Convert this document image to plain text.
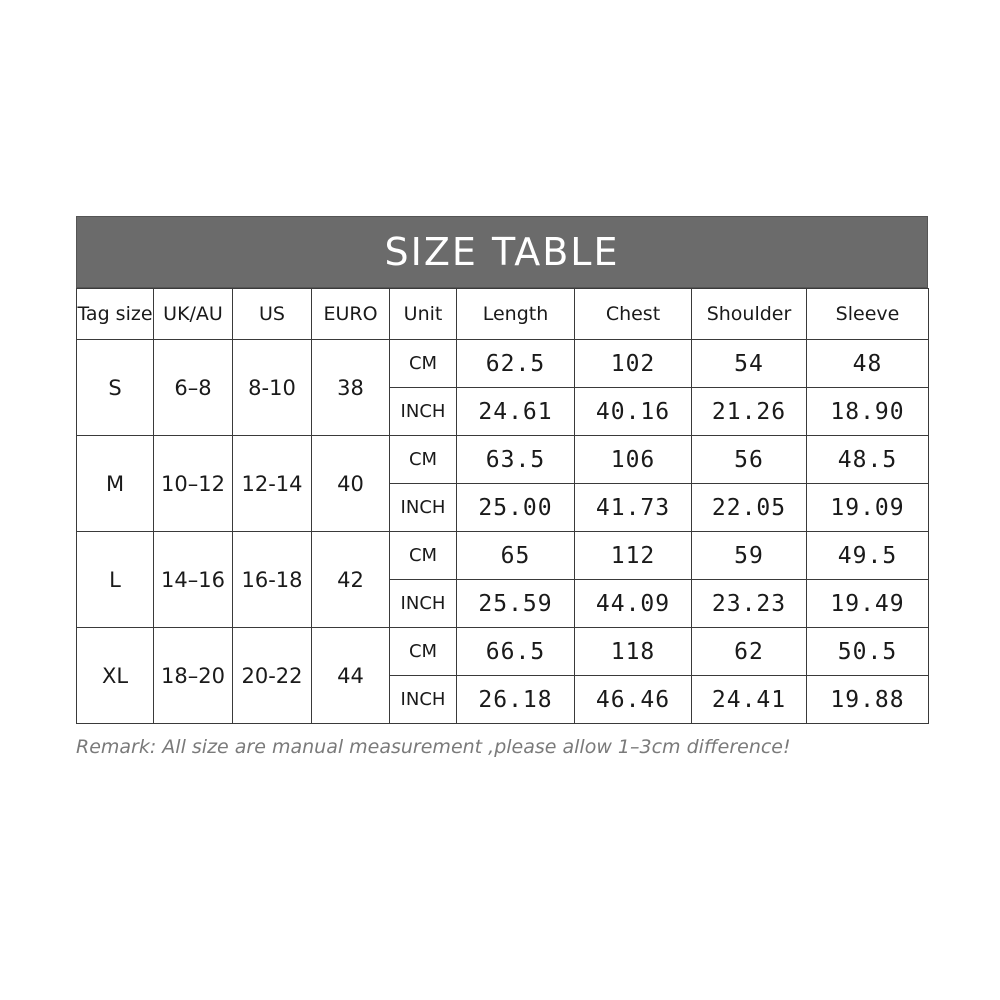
SIZE TABLE
Tag size	UK/AU	US	EURO	Unit	Length	Chest	Shoulder	Sleeve
S	6–8	8-10	38	CM	62.5	102	54	48
				INCH	24.61	40.16	21.26	18.90
M	10–12	12-14	40	CM	63.5	106	56	48.5
				INCH	25.00	41.73	22.05	19.09
L	14–16	16-18	42	CM	65	112	59	49.5
				INCH	25.59	44.09	23.23	19.49
XL	18–20	20-22	44	CM	66.5	118	62	50.5
				INCH	26.18	46.46	24.41	19.88
Remark: All size are manual measurement ,please allow 1–3cm difference!
